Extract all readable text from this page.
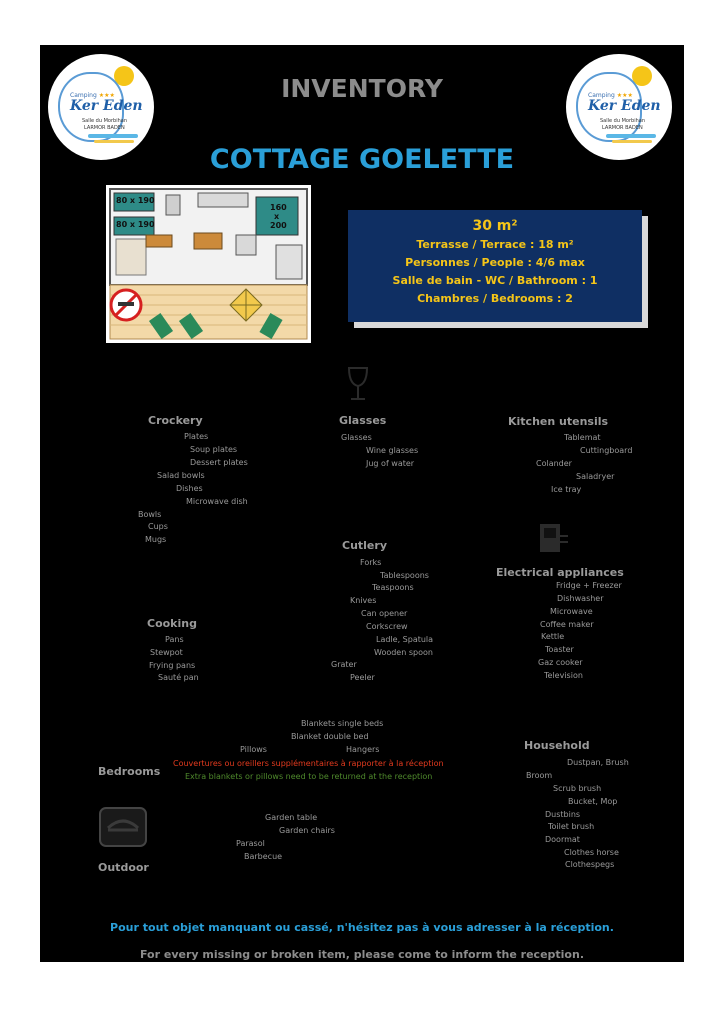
Camping ★★★
Ker Eden
Salle du Morbihan
LARMOR BADEN
Camping ★★★
Ker Eden
Salle du Morbihan
LARMOR BADEN
INVENTORY
COTTAGE GOELETTE
80 x 190
80 x 190
160
x
200	30 m²
Terrasse / Terrace : 18 m²
Personnes / People : 4/6 max
Salle de bain - WC / Bathroom : 1
Chambres / Bedrooms : 2
Crockery
Plates
Soup plates
Dessert plates
Salad bowls
Dishes
Microwave dish
Bowls
Cups
Mugs
Glasses
Glasses
Wine glasses
Jug of water
Kitchen utensils
Tablemat
Cuttingboard
Colander
Saladryer
Ice tray
Cutlery
Forks
Tablespoons
Teaspoons
Knives
Can opener
Corkscrew
Ladle, Spatula
Wooden spoon
Grater
Peeler
Electrical appliances
Fridge + Freezer
Dishwasher
Microwave
Coffee maker
Kettle
Toaster
Gaz cooker
Television
Cooking
Pans
Stewpot
Frying pans
Sauté pan
Blankets single beds
Blanket double bed
Pillows	Hangers
Couvertures ou oreillers supplémentaires à rapporter à la réception
Extra blankets or pillows need to be returned at the reception
Bedrooms
Household
Dustpan, Brush
Broom
Scrub brush
Bucket, Mop
Dustbins
Toilet brush
Doormat
Clothes horse
Clothespegs
Garden table
Garden chairs
Parasol
Barbecue
Outdoor
Pour tout objet manquant ou cassé, n'hésitez pas à vous adresser à la réception.
For every missing or broken item, please come to inform the reception.
